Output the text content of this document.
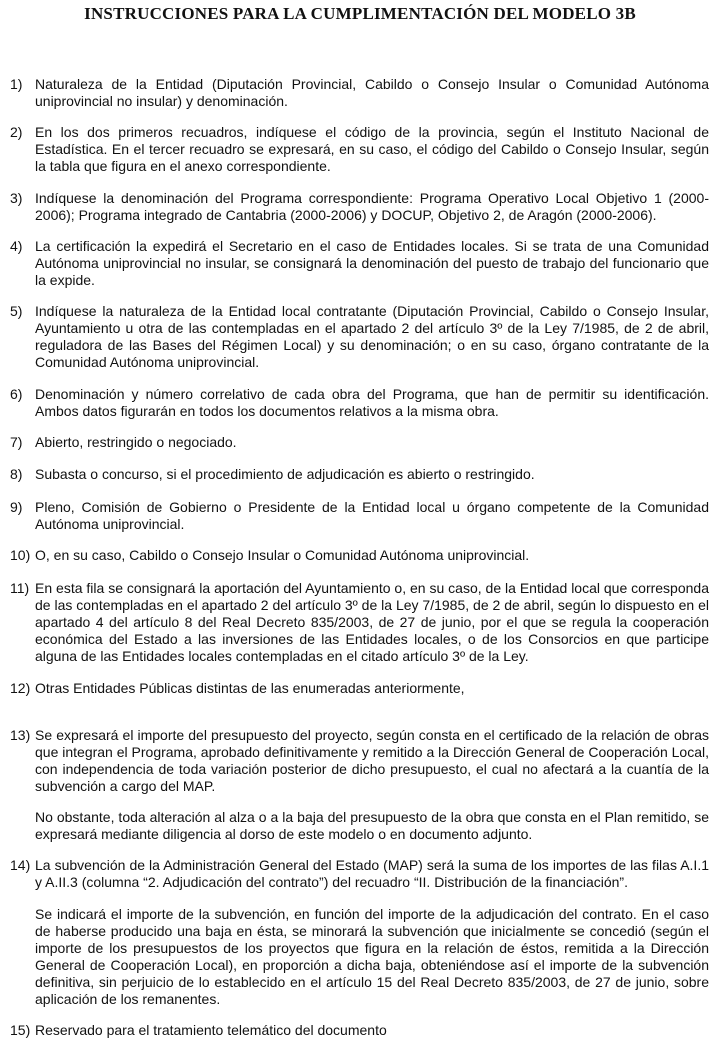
INSTRUCCIONES PARA LA CUMPLIMENTACIÓN DEL MODELO 3B
1) Naturaleza de la Entidad (Diputación Provincial, Cabildo o Consejo Insular o Comunidad Autónoma uniprovincial no insular) y denominación.
2) En los dos primeros recuadros, indíquese el código de la provincia, según el Instituto Nacional de Estadística. En el tercer recuadro se expresará, en su caso, el código del Cabildo o Consejo Insular, según la tabla que figura en el anexo correspondiente.
3) Indíquese la denominación del Programa correspondiente: Programa Operativo Local Objetivo 1 (2000-2006); Programa integrado de Cantabria (2000-2006) y DOCUP, Objetivo 2, de Aragón (2000-2006).
4) La certificación la expedirá el Secretario en el caso de Entidades locales. Si se trata de una Comunidad Autónoma uniprovincial no insular, se consignará la denominación del puesto de trabajo del funcionario que la expide.
5) Indíquese la naturaleza de la Entidad local contratante (Diputación Provincial, Cabildo o Consejo Insular, Ayuntamiento u otra de las contempladas en el apartado 2 del artículo 3º de la Ley 7/1985, de 2 de abril, reguladora de las Bases del Régimen Local) y su denominación; o en su caso, órgano contratante de la Comunidad Autónoma uniprovincial.
6) Denominación y número correlativo de cada obra del Programa, que han de permitir su identificación. Ambos datos figurarán en todos los documentos relativos a la misma obra.
7) Abierto, restringido o negociado.
8) Subasta o concurso, si el procedimiento de adjudicación es abierto o restringido.
9) Pleno, Comisión de Gobierno o Presidente de la Entidad local u órgano competente de la Comunidad Autónoma uniprovincial.
10) O, en su caso, Cabildo o Consejo Insular o Comunidad Autónoma uniprovincial.
11) En esta fila se consignará la aportación del Ayuntamiento o, en su caso, de la Entidad local que corresponda de las contempladas en el apartado 2 del artículo 3º de la Ley 7/1985, de 2 de abril, según lo dispuesto en el apartado 4 del artículo 8 del Real Decreto 835/2003, de 27 de junio, por el que se regula la cooperación económica del Estado a las inversiones de las Entidades locales, o de los Consorcios en que participe alguna de las Entidades locales contempladas en el citado artículo 3º de la Ley.
12) Otras Entidades Públicas distintas de las enumeradas anteriormente,
13) Se expresará el importe del presupuesto del proyecto, según consta en el certificado de la relación de obras que integran el Programa, aprobado definitivamente y remitido a la Dirección General de Cooperación Local, con independencia de toda variación posterior de dicho presupuesto, el cual no afectará a la cuantía de la subvención a cargo del MAP.
No obstante, toda alteración al alza o a la baja del presupuesto de la obra que consta en el Plan remitido, se expresará mediante diligencia al dorso de este modelo o en documento adjunto.
14) La subvención de la Administración General del Estado (MAP) será la suma de los importes de las filas A.I.1 y A.II.3 (columna “2. Adjudicación del contrato”) del recuadro “II. Distribución de la financiación”.
Se indicará el importe de la subvención, en función del importe de la adjudicación del contrato. En el caso de haberse producido una baja en ésta, se minorará la subvención que inicialmente se concedió (según el importe de los presupuestos de los proyectos que figura en la relación de éstos, remitida a la Dirección General de Cooperación Local), en proporción a dicha baja, obteniéndose así el importe de la subvención definitiva, sin perjuicio de lo establecido en el artículo 15 del Real Decreto 835/2003, de 27 de junio, sobre aplicación de los remanentes.
15) Reservado para el tratamiento telemático del documento
